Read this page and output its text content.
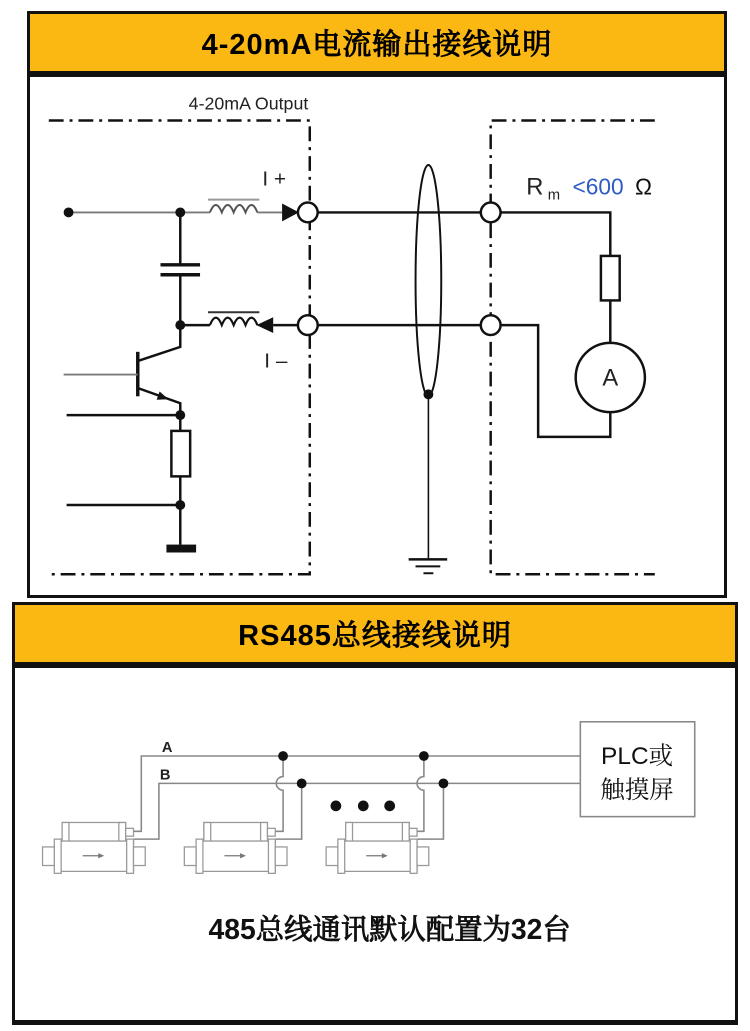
4-20mA电流输出接线说明
4-20mA Output
A
I +
I –
R m <600 Ω
RS485总线接线说明
PLC或
触摸屏
A
B
485总线通讯默认配置为32台
